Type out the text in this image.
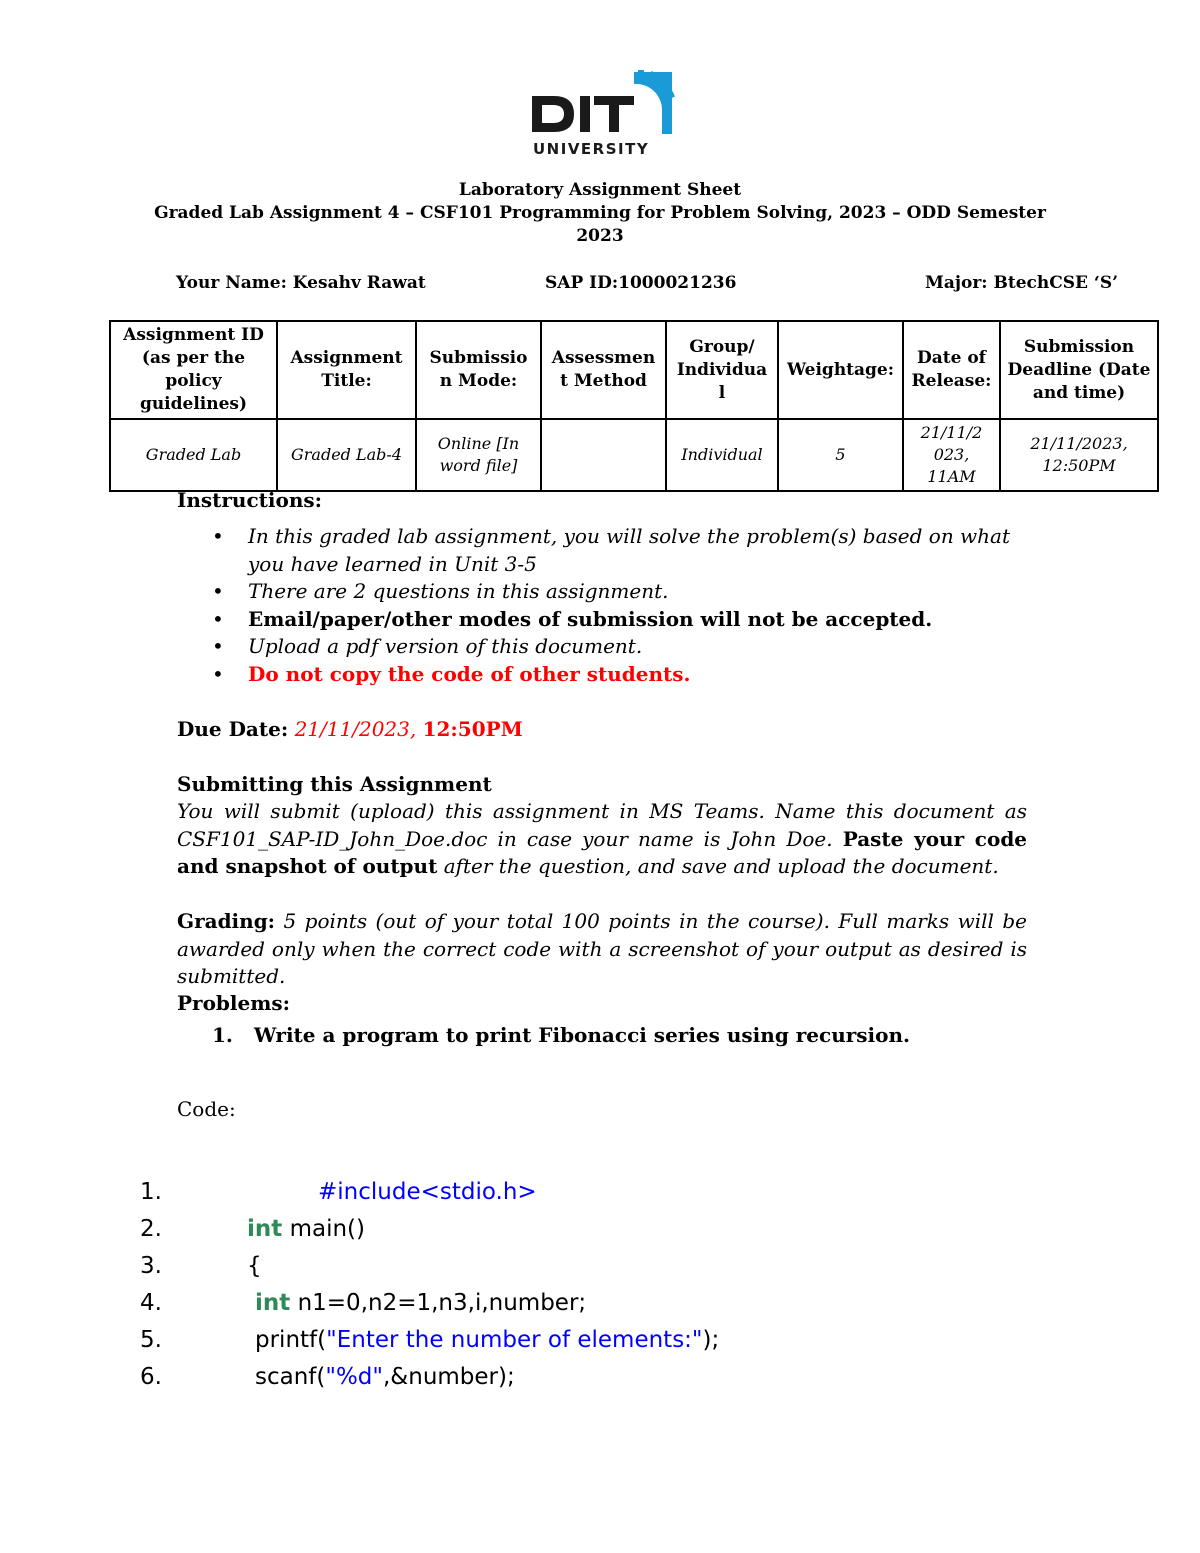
UNIVERSITY
Laboratory Assignment Sheet
Graded Lab Assignment 4 – CSF101 Programming for Problem Solving, 2023 – ODD Semester
2023
Your Name: Kesahv Rawat	SAP ID:1000021236	Major: BtechCSE ‘S’
Assignment ID (as per the policy guidelines)	Assignment Title:	Submissio n Mode:	Assessmen t Method	Group/ Individua l	Weightage:	Date of Release:	Submission Deadline (Date and time)
Graded Lab	Graded Lab-4	Online [In word file]		Individual	5	21/11/2 023, 11AM	21/11/2023, 12:50PM
Instructions:
• In this graded lab assignment, you will solve the problem(s) based on what you have learned in Unit 3-5
• There are 2 questions in this assignment.
• Email/paper/other modes of submission will not be accepted.
• Upload a pdf version of this document.
• Do not copy the code of other students.
Due Date: 21/11/2023, 12:50PM
Submitting this Assignment
You will submit (upload) this assignment in MS Teams. Name this document as CSF101_SAP-ID_John_Doe.doc in case your name is John Doe. Paste your code and snapshot of output after the question, and save and upload the document.
Grading: 5 points (out of your total 100 points in the course). Full marks will be awarded only when the correct code with a screenshot of your output as desired is submitted.
Problems:
1. Write a program to print Fibonacci series using recursion.
Code:
1.	#include<stdio.h>
2.	int main()
3.	{
4.	int n1=0,n2=1,n3,i,number;
5.	printf("Enter the number of elements:");
6.	scanf("%d",&number);
